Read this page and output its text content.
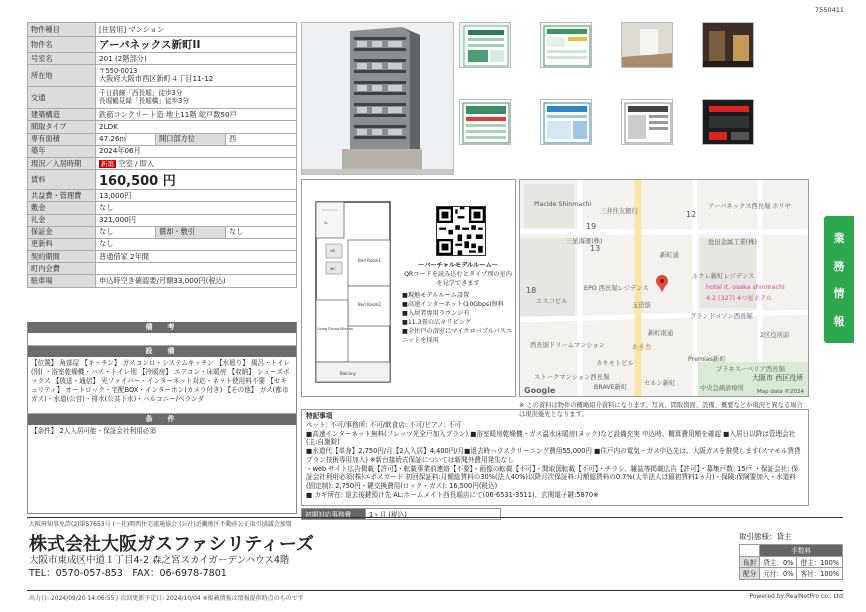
7550411
物件種目	[住居用] マンション		
物件名	アーバネックス新町II		
号室名	201 (2階部分)		
所在地	〒550-0013
大阪府大阪市西区新町４丁目11-12		

交通	千日前線「西長堀」徒歩3分
長堀鶴見緑「長堀橋」徒歩3分		

建築構造	鉄筋コンクリート造 地上11階 総戸数50戸		
間取タイプ	2LDK		
専有面積	47.26㎡	開口部方位	西
築年	2024年06月		
現況／入居時期	新築 空室 / 即入		
賃料	160,500 円		
共益費・管理費	13,000円		
敷金	なし		
礼金	321,000円		
保証金	なし	償却・敷引	なし
更新料	なし		
契約期間	普通借家 2年間		
町内会費			
駐車場	申込時空き確認要/月額33,000円(税込)		
備　考
設　備
【位置】 角部屋 【キッチン】 ガスコンロ・システムキッチン 【水廻り】 風呂・トイレ(別) ・浴室乾燥機・バス・トイレ別 【冷暖房】 エアコン・床暖房 【収納】 シューズボックス 【放送・通信】 光ファイバー・インターネット対応・ネット使用料不要 【セキュリティ】 オートロック・宅配BOX・インターホン(カメラ付き) 【その他】 ガス(都市ガス)・水道(公営)・排水(公共下水)・バルコニー/ベランダ
条　件
【条件】 2人入居可能・保証会社利用必須
Bed Room1
Bed Room2
Living Dining Kitchen
Balcony
UB
WC
CL
～バーチャルモデルルーム～
QRコードを読み込むとタイプ別の室内を見学できます
■現地モデルルーム設置
■高速インターネット(10Gbps)無料
■入居者専用ラウンジ有
■11.3畳の広々リビング
■全住戸の浴室にマイクロバブルバスユニットを採用
Placide Shinmachi
三井住友銀行
アーバネックス西長堀
池田金属工業(株)
三星海運(株)
新町通
ルクレ新町レジデンス
hotel it. osaka shinmachi
4.2 (327) 4つ星ホテル
EPO 西長堀レジデンス
エスコビル
グランドメゾン西長堀
新町南通
西長堀ドリームマンション
カキモトビル
Premias新町
プラネスーベリア西長堀
大阪市 西区役所
中央急病診療所
ストークマンション西長堀
BRAVE新町
セルン新町
あき舎
ホリヤ
2区役所前
玉造筋
19
13
18
12
Google	Map data ©2024
業
務
情
報
※ この資料は物件の概略紹介資料になります。写真、間取図面、設備、概要などが現況と異なる場合は現況優先となります。
特記事項
ペット: 不可/事務所: 不可/飲食店: 不可/ピアノ: 不可
■高速インターネット無料(フレッツ光全戸加入プラン) ■浴室暖房乾燥機・ガス温水床暖房(ヌック)など設備充実 申込時、概算費用額を確認 ■入居日以降は管理会社(主:自施錠)
■水道代【単身】2,750円/月【2人入居】4,400円/月■退去時ハウスクリーニング費用55,000円 ■住戸内の電気・ガス申込先は、大阪ガスを推奨します(スマモル賃貸プラン技術専用加入) ※新台接続式保証については新聞外費用発生なし
・web サイト広告掲載【許可】・転載事業前連絡【不要】・画像の転載【不可】・間取図転載【不可】・チラシ、雑誌等掲載広告【許可】・募集戸数: 15戸 ・保証会社: 保証会社利用必須(株)エポスカード 初回保証料:月額総賃料の30%(法人40%)以降月次保証料:月額総賃料の0.7%(大半法人は最初賃料1ヵ月)・保険:保険要加入・水道料(固定制): 2,750円・鍵交換費用(ロック・ガス): 16,500円(税込)
■ カギ所在: 退去後鍵預け先 AL:ホームメイト西長堀店にて(06-6531-3511)、玄関電子鍵:5870※
初期対応事務費	1ヶ月 (税込)
大阪府知事免許(2)第57653号 (一社)関西住宅流通協会 (公社)近畿地区不動産公正取引協議会加盟
株式会社大阪ガスファシリティーズ
大阪市東成区中道１丁目4-2 森之宮スカイガーデンハウス4階
TEL：0570-057-853　FAX：06-6978-7801
取引態様：貸主
	手数料	
負担	貸主：0%	借主：100%
配分	元付：0%	客付：100%
出力日: 2024/09/20 14:06:55 / 次回更新予定日: 2024/10/04 ※掲載情報は情報提供時点のものです	Powered by RealNetPro co., Ltd
